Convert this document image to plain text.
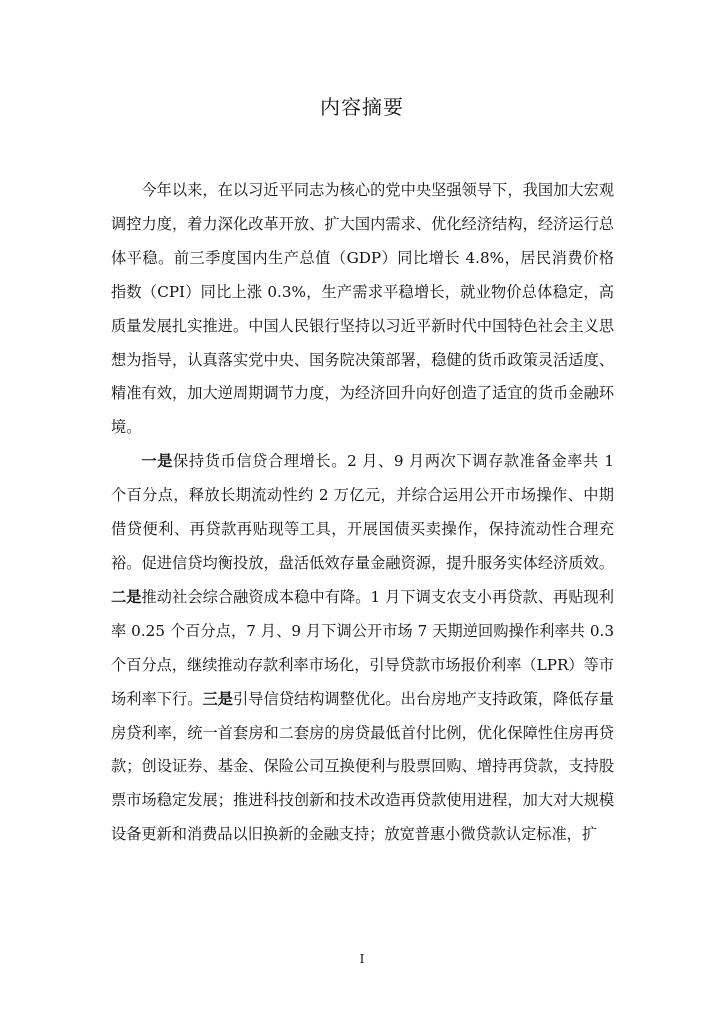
内容摘要

今年以来，在以习近平同志为核心的党中央坚强领导下，我国加大宏观调控力度，着力深化改革开放、扩大国内需求、优化经济结构，经济运行总体平稳。前三季度国内生产总值（GDP）同比增长 4.8%，居民消费价格指数（CPI）同比上涨 0.3%，生产需求平稳增长，就业物价总体稳定，高质量发展扎实推进。中国人民银行坚持以习近平新时代中国特色社会主义思想为指导，认真落实党中央、国务院决策部署，稳健的货币政策灵活适度、精准有效，加大逆周期调节力度，为经济回升向好创造了适宜的货币金融环境。

一是保持货币信贷合理增长。2 月、9 月两次下调存款准备金率共 1 个百分点，释放长期流动性约 2 万亿元，并综合运用公开市场操作、中期借贷便利、再贷款再贴现等工具，开展国债买卖操作，保持流动性合理充裕。促进信贷均衡投放，盘活低效存量金融资源，提升服务实体经济质效。二是推动社会综合融资成本稳中有降。1 月下调支农支小再贷款、再贴现利率 0.25 个百分点，7 月、9 月下调公开市场 7 天期逆回购操作利率共 0.3 个百分点，继续推动存款利率市场化，引导贷款市场报价利率（LPR）等市场利率下行。三是引导信贷结构调整优化。出台房地产支持政策，降低存量房贷利率，统一首套房和二套房的房贷最低首付比例，优化保障性住房再贷款；创设证券、基金、保险公司互换便利与股票回购、增持再贷款，支持股票市场稳定发展；推进科技创新和技术改造再贷款使用进程，加大对大规模设备更新和消费品以旧换新的金融支持；放宽普惠小微贷款认定标准，扩

I
